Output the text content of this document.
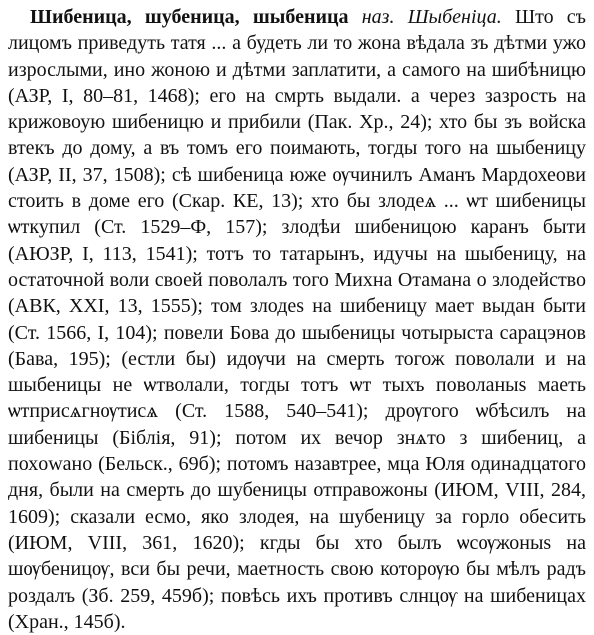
Шибеница, шубеница, шыбеница наз. Шыбеніца. Што съ лицомъ приведуть татя ... а будеть ли то жона вѣдала зъ дѣтми ужо изрослыми, ино жоною и дѣтми заплатити, а самого на шибѣницю (АЗР, I, 80–81, 1468); его на смрть выдали. а через зазрость на крижовоую шибеницю и прибили (Пак. Хр., 24); хто бы зъ войска втекъ до дому, а въ томъ его поимають, тогды того на шыбеницу (АЗР, II, 37, 1508); сѣ шибеница юже ѹчинилъ Аманъ Мардохеови стоить в доме его (Скар. КЕ, 13); хто бы злодеѧ ... ѡт шибеницы ѡткупил (Ст. 1529–Ф, 157); злодѣи шибеницою каранъ быти (АЮЗР, I, 113, 1541); тотъ то татарынъ, идучы на шыбеницу, на остаточной воли своей поволалъ того Михна Отамана о злодейство (АВК, XXI, 13, 1555); том злодеѕ на шибеницу мает выдан быти (Ст. 1566, I, 104); повели Бова до шыбеницы чотырыста сарацэнов (Бава, 195); (естли бы) идѹчи на смерть тогож поволали и на шыбеницы не ѡтволали, тогды тотъ ѡт тыхъ поволаныѕ маеть ѡтприсѧгнѹтисѧ (Ст. 1588, 540–541); дрѹгого ѡбѣсилъ на шибеницы (Біблія, 91); потом их вечор знѧто з шибениц, а похowано (Бельск., 69б); потомъ назавтрее, мца Юля одинадцатого дня, были на смерть до шубеницы отправожоны (ИЮМ, VIII, 284, 1609); сказали есмо, яко злодея, на шубеницу за горло обесить (ИЮМ, VIII, 361, 1620); кгды бы хто былъ ѡсѹжоныѕ на шѹбеницѹ, вси бы речи, маетность свою которѹю бы мѣлъ радъ роздалъ (Зб. 259, 459б); повѣсь ихъ противъ слнцѹ на шибеницах (Хран., 145б).
